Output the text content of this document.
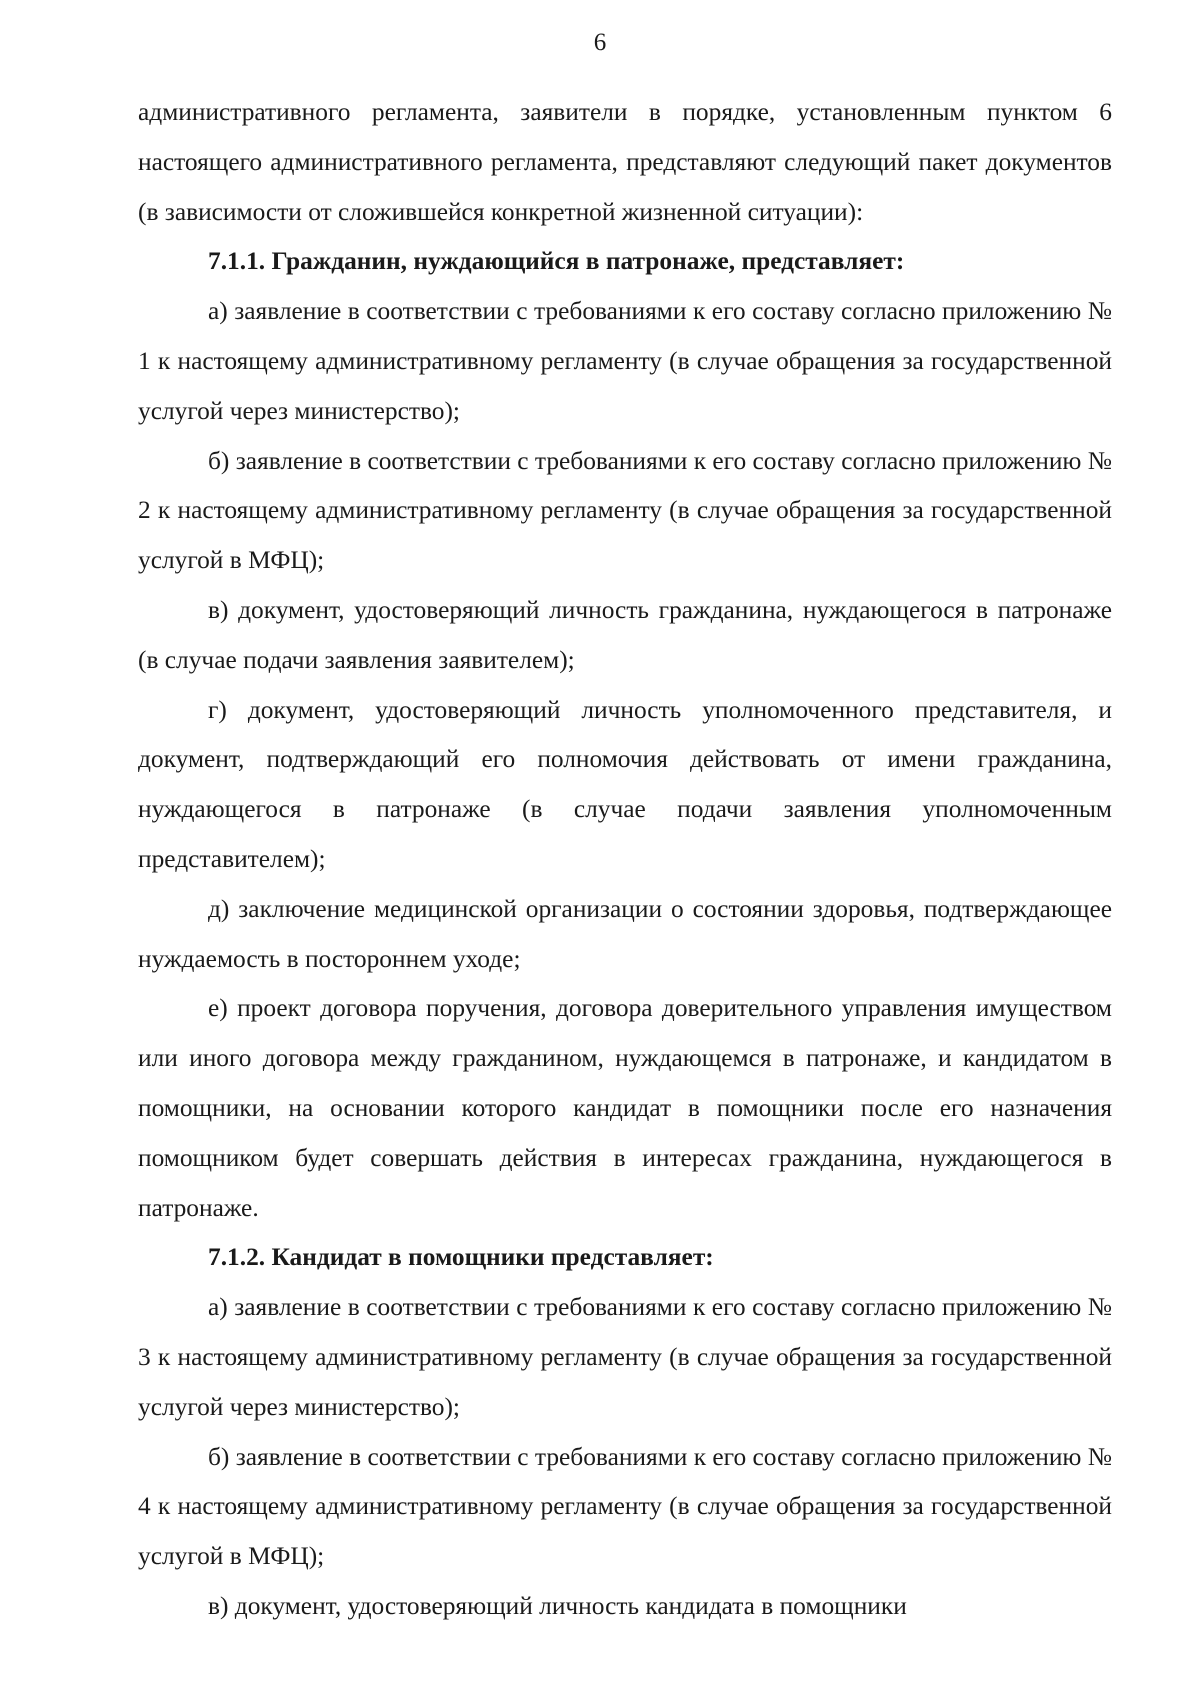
6

административного регламента, заявители в порядке, установленным пунктом 6 настоящего административного регламента, представляют следующий пакет документов (в зависимости от сложившейся конкретной жизненной ситуации):

7.1.1. Гражданин, нуждающийся в патронаже, представляет:

а) заявление в соответствии с требованиями к его составу согласно приложению № 1 к настоящему административному регламенту (в случае обращения за государственной услугой через министерство);

б) заявление в соответствии с требованиями к его составу согласно приложению № 2 к настоящему административному регламенту (в случае обращения за государственной услугой в МФЦ);

в) документ, удостоверяющий личность гражданина, нуждающегося в патронаже (в случае подачи заявления заявителем);

г) документ, удостоверяющий личность уполномоченного представителя, и документ, подтверждающий его полномочия действовать от имени гражданина, нуждающегося в патронаже (в случае подачи заявления уполномоченным представителем);

д) заключение медицинской организации о состоянии здоровья, подтверждающее нуждаемость в постороннем уходе;

е) проект договора поручения, договора доверительного управления имуществом или иного договора между гражданином, нуждающемся в патронаже, и кандидатом в помощники, на основании которого кандидат в помощники после его назначения помощником будет совершать действия в интересах гражданина, нуждающегося в патронаже.

7.1.2. Кандидат в помощники представляет:

а) заявление в соответствии с требованиями к его составу согласно приложению № 3 к настоящему административному регламенту (в случае обращения за государственной услугой через министерство);

б) заявление в соответствии с требованиями к его составу согласно приложению № 4 к настоящему административному регламенту (в случае обращения за государственной услугой в МФЦ);

в) документ, удостоверяющий личность кандидата в помощники
